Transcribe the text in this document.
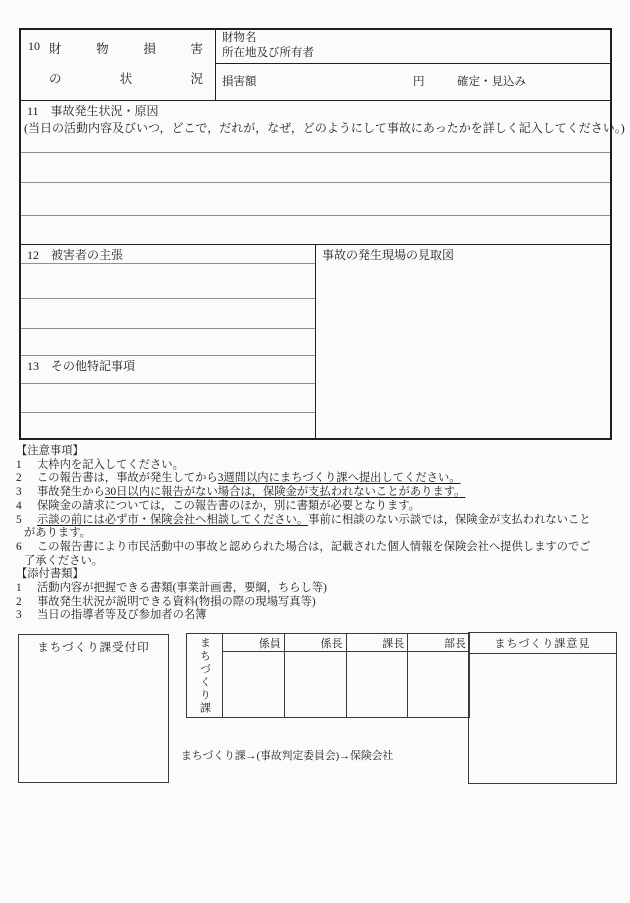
10 財	物	損	害
の	状	況
財物名
所在地及び所有者
損害額	円	確定・見込み
11　事故発生状況・原因
(当日の活動内容及びいつ，どこで，だれが，なぜ，どのようにして事故にあったかを詳しく記入してください。)
12　被害者の主張	事故の発生現場の見取図
13　その他特記事項
【注意事項】
1	太枠内を記入してください。
2	この報告書は，事故が発生してから3週間以内にまちづくり課へ提出してください。
3	事故発生から30日以内に報告がない場合は，保険金が支払われないことがあります。
4	保険金の請求については，この報告書のほか，別に書類が必要となります。
5	示談の前には必ず市・保険会社へ相談してください。事前に相談のない示談では，保険金が支払われないこと
があります。
6	この報告書により市民活動中の事故と認められた場合は，記載された個人情報を保険会社へ提供しますのでご
了承ください。
【添付書類】
1	活動内容が把握できる書類(事業計画書，要綱，ちらし等)
2	事故発生状況が説明できる資料(物損の際の現場写真等)
3	当日の指導者等及び参加者の名簿
まちづくり課受付印	まちづくり課	係員	係長	課長	部長	まちづくり課意見
まちづくり課→(事故判定委員会)→保険会社
